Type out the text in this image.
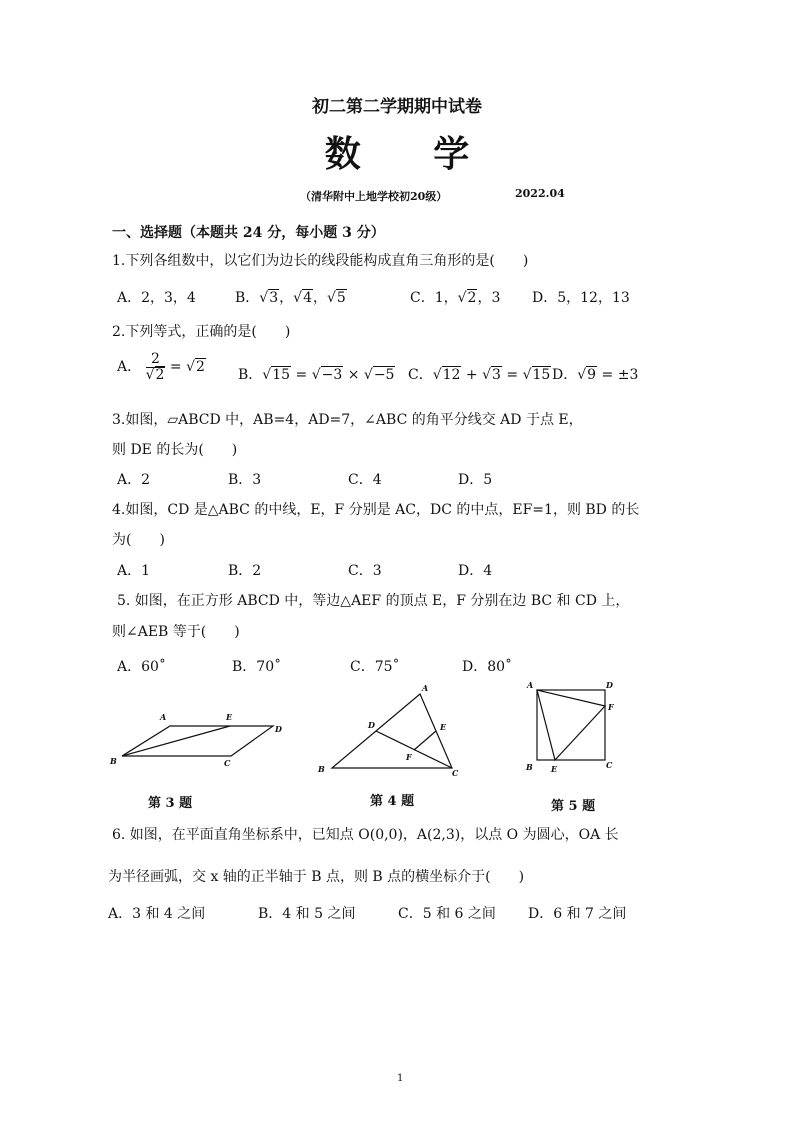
初二第二学期期中试卷
数 学
（清华附中上地学校初20级）	2022.04
一、选择题（本题共 24 分，每小题 3 分）
1.下列各组数中，以它们为边长的线段能构成直角三角形的是(　　)
A．2，3，4	B．√3，√4，√5	C．1，√2，3 D．5，12，13
2.下列等式，正确的是(　　)
A． $\frac{2}{√2} = √2$ B．√15 = √−3 × √−5 C．√12 + √3 = √15 D．√9 = ±3
3.如图，▱ABCD 中，AB=4，AD=7，∠ABC 的角平分线交 AD 于点 E，
则 DE 的长为(　　)
A．2	B．3	C．4	D．5
4.如图，CD 是△ABC 的中线，E，F 分别是 AC，DC 的中点，EF=1，则 BD 的长
为(　　)
A．1	B．2	C．3	D．4
5. 如图，在正方形 ABCD 中，等边△AEF 的顶点 E，F 分别在边 BC 和 CD 上，
则∠AEB 等于(　　)
A．60˚	B．70˚	C．75˚	D．80˚
A	E
D
B	C
A
D	E
F
B	C
A	D
F
B E	C
第 3 题	第 4 题	第 5 题
6. 如图，在平面直角坐标系中，已知点 O(0,0)，A(2,3)，以点 O 为圆心，OA 长
为半径画弧，交 x 轴的正半轴于 B 点，则 B 点的横坐标介于(　　)
A．3 和 4 之间	B．4 和 5 之间	C．5 和 6 之间 D．6 和 7 之间
1
